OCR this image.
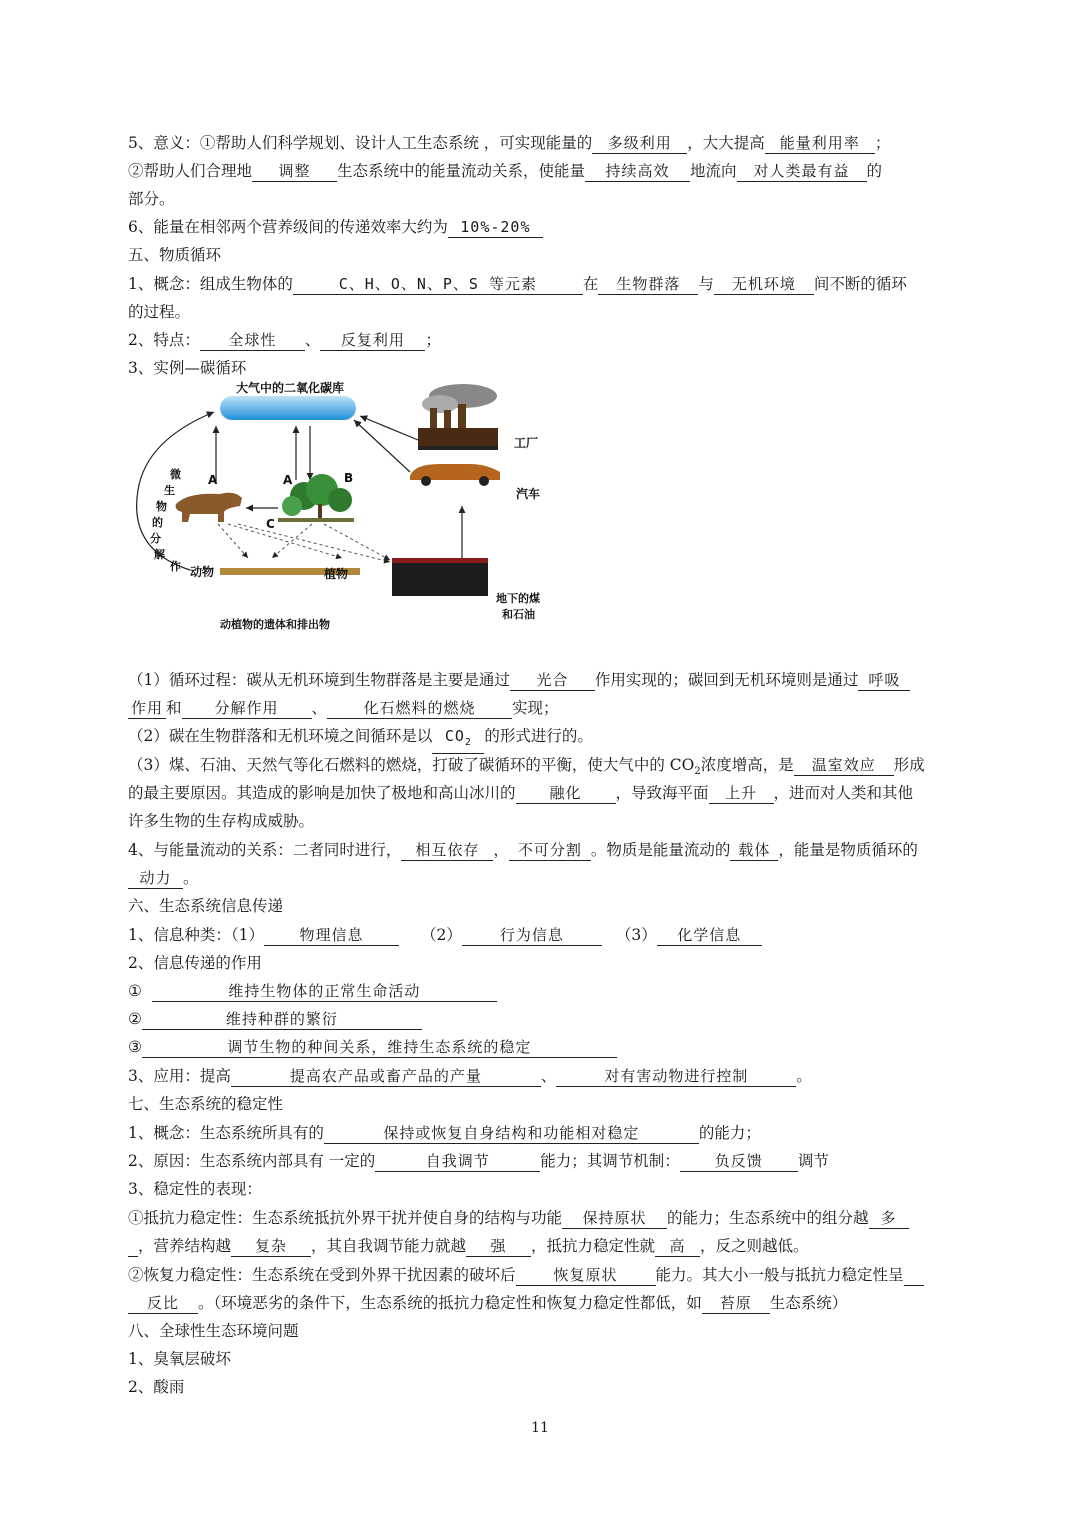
5、意义：①帮助人们科学规划、设计人工生态系统 ，可实现能量的 多级利用 ，大大提高 能量利用率 ；
②帮助人们合理地 调整 生态系统中的能量流动关系，使能量 持续高效 地流向 对人类最有益 的
部分。
6、能量在相邻两个营养级间的传递效率大约为 10%-20%
五、物质循环
1、概念：组成生物体的	C、H、O、N、P、S 等元素	在 生物群落 与 无机环境 间不断的循环
的过程。
2、特点： 全球性 、 反复利用 ；
3、实例—碳循环
大气中的二氧化碳库
工厂
汽车
地下的煤
和石油
A	A	B
C
动物	植物
动植物的遗体和排出物
微
生
物
的
分
解
作
（1）循环过程：碳从无机环境到生物群落是主要是通过 光合 作用实现的；碳回到无机环境则是通过 呼吸
作用 和 分解作用 、 化石燃料的燃烧 实现；
（2）碳在生物群落和无机环境之间循环是以 $CO_2$ 的形式进行的。
（3）煤、石油、天然气等化石燃料的燃烧，打破了碳循环的平衡，使大气中的 $CO_2$浓度增高，是 温室效应 形成
的最主要原因。其造成的影响是加快了极地和高山冰川的 融化 ，导致海平面 上升 ，进而对人类和其他
许多生物的生存构成威胁。
4、与能量流动的关系：二者同时进行， 相互依存 ， 不可分割 。物质是能量流动的 载体 ，能量是物质循环的
动力 。
六、生态系统信息传递
1、信息种类：（1） 物理信息	（2）	行为信息	（3） 化学信息
2、信息传递的作用
①	维持生物体的正常生命活动
②	维持种群的繁衍
③	调节生物的种间关系，维持生态系统的稳定
3、应用：提高	提高农产品或畜产品的产量	、	对有害动物进行控制	。
七、生态系统的稳定性
1、概念：生态系统所具有的	保持或恢复自身结构和功能相对稳定	的能力；
2、原因：生态系统内部具有 一定的	自我调节	能力；其调节机制： 负反馈 调节
3、稳定性的表现：
①抵抗力稳定性：生态系统抵抗外界干扰并使自身的结构与功能 保持原状 的能力；生态系统中的组分越 多
，营养结构越 复杂 ，其自我调节能力就越 强 ，抵抗力稳定性就 高 ，反之则越低。
②恢复力稳定性：生态系统在受到外界干扰因素的破坏后	恢复原状 能力。其大小一般与抵抗力稳定性呈
反比 。（环境恶劣的条件下，生态系统的抵抗力稳定性和恢复力稳定性都低，如 苔原 生态系统）
八、全球性生态环境问题
1、臭氧层破坏
2、酸雨
11
